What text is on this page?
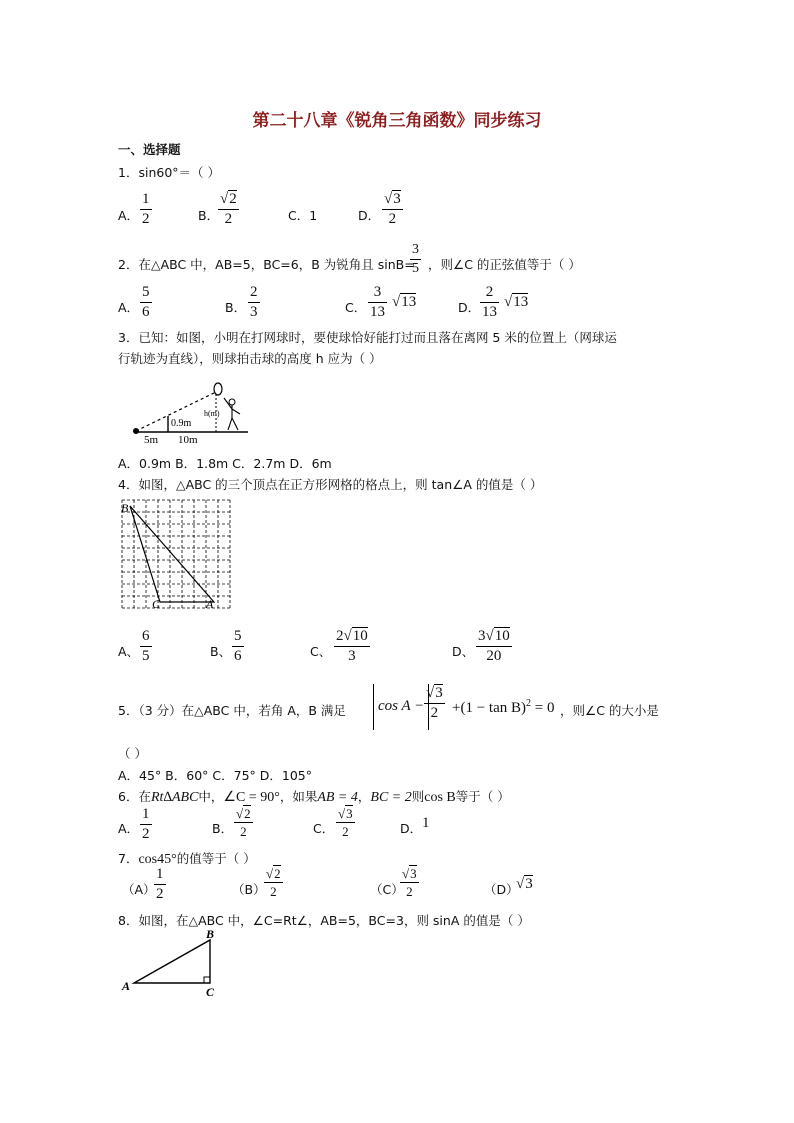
第二十八章《锐角三角函数》同步练习
一、选择题
1．sin60°＝（ ）
A．
1
2	B．
√2
2	C．1	D．
√3
2
2．在△ABC 中，AB=5，BC=6，B 为锐角且 sinB=
3
5 ，则∠C 的正弦值等于（ ）
A．
5
6	B．
2
3	C．
3
13
√13	D．
2
13
√13
3．已知：如图，小明在打网球时，要使球恰好能打过而且落在离网 5 米的位置上（网球运
行轨迹为直线），则球拍击球的高度 h 应为（ ）
0.9m
h(m)
5m 10m
A．0.9m B．1.8m C．2.7m D．6m
4．如图，△ABC 的三个顶点在正方形网格的格点上，则 tan∠A 的值是（ ）
B
C	A
A、
6
5	B、
5
6	C、
2√10
3	D、
3√10
20
5．（3 分）在△ABC 中，若角 A，B 满足	cos A −
√3
$2 +(1 - \tan B)^2 = 0$ ，则∠C 的大小是
（ ）
A．45° B．60° C．75° D．105°
6．在Rt∆ABC中，∠C = 90°，如果AB = 4，BC = 2则cos B等于（ ）
A．
1
2	B．
√2
2	C．
√3
2	D． 1
7．cos45°的值等于（ ）
（A）
1
2	（B）
√2
2	（C）
√3
2	（D）
√3
8．如图，在△ABC 中，∠C=Rt∠，AB=5，BC=3，则 sinA 的值是（ ）
A
B
C
